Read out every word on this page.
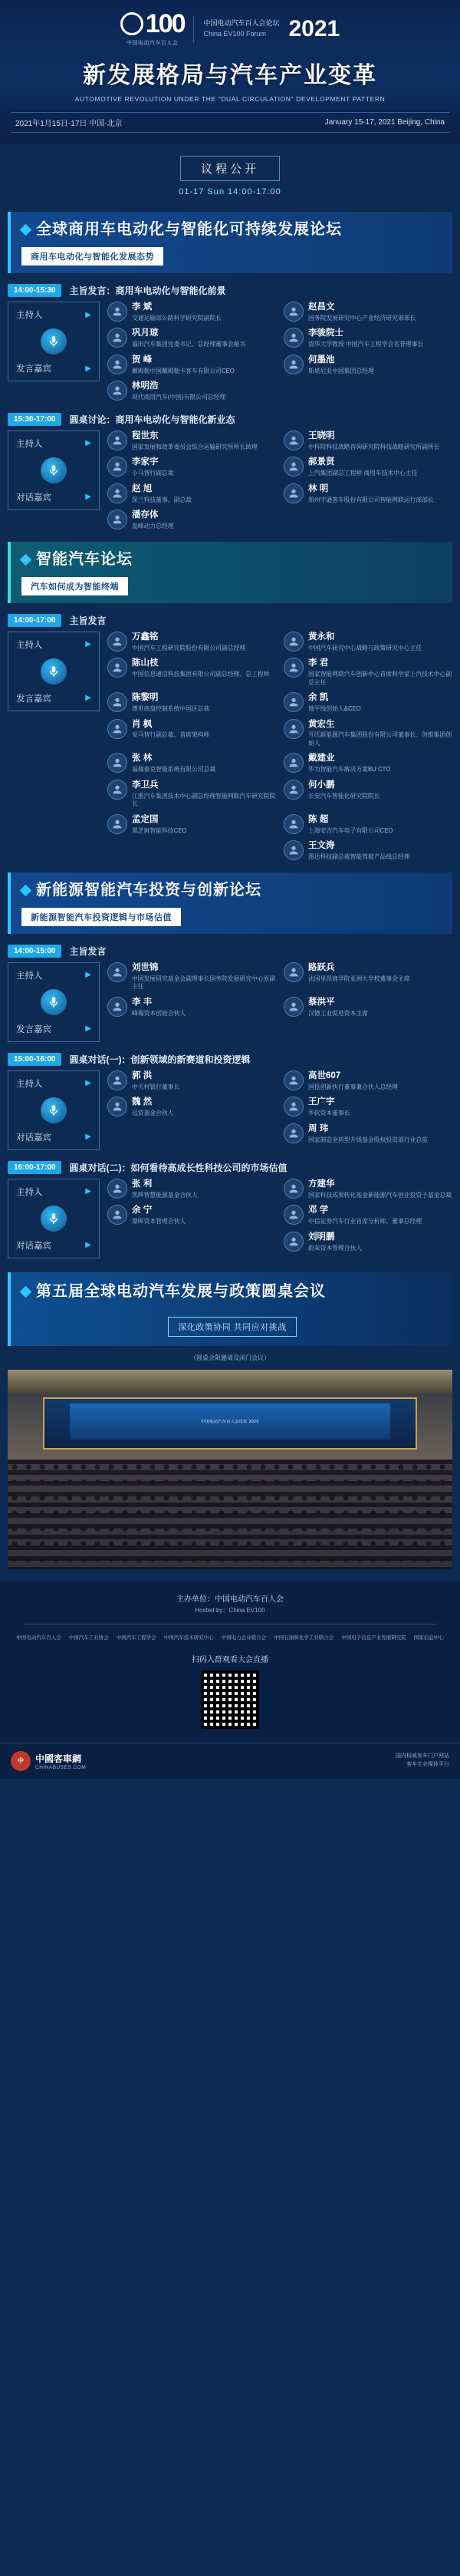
100
中国电动汽车百人会
中国电动汽车百人会论坛
China EV100 Forum 2021
新发展格局与汽车产业变革
AUTOMOTIVE REVOLUTION UNDER THE "DUAL CIRCULATION" DEVELOPMENT PATTERN
2021年1月15日-17日 中国·北京	January 15-17, 2021 Beijing, China
议程公开
01-17 Sun 14:00-17:00
全球商用车电动化与智能化可持续发展论坛
商用车电动化与智能化发展态势
14:00-15:30	主旨发言：商用车电动化与智能化前景
主持人	▶
发言嘉宾	▶
李 斌
交通运输部公路科学研究院副院长
赵昌文
国务院发展研究中心产业经济研究部部长
巩月琼
福田汽车集团党委书记、总经理董事会秘书
李骏院士
清华大学教授 中国汽车工程学会名誉理事长
贺 峰
戴姆勒中国戴姆勒卡客车有限公司CEO
何墨池
斯堪尼亚中国集团总经理
林明浩
现代商用汽车(中国)有限公司总经理
15:30-17:00	圆桌讨论：商用车电动化与智能化新业态
主持人	▶
对话嘉宾	▶
程世东
国家发展和改革委员会综合运输研究所所长助理
王晓明
中科院科技战略咨询研究院科技战略研究所副所长
李家宇
小马智行副总裁
郝景贤
上汽集团副总工程师 商用车技术中心主任
赵 旭
深兰科技董事、副总裁
林 明
郑州宇通客车股份有限公司智能网联运行部部长
潘存体
盈峰动力总经理
智能汽车论坛
汽车如何成为智能终端
14:00-17:00	主旨发言
主持人	▶
发言嘉宾	▶
万鑫铭
中国汽车工程研究院股份有限公司副总经理
黄永和
中国汽车研究中心战略与政策研究中心主任
陈山枝
中国信息通信科技集团有限公司副总经理、总工程师
李 君
国家智能网联汽车创新中心首席科学家上汽技术中心副总主任
陈黎明
博世底盘控制系统中国区总裁
余 凯
地平线创始人&CEO
肖 枫
觉马智行副总裁、首席架构师
黄宏生
开沃新能源汽车集团股份有限公司董事长、创维集团创始人
张 林
福瑞泰克智能系统有限公司总裁
戴建业
华为智能汽车解决方案BU CTO
李卫兵
江淮汽车集团技术中心副总经理智能网联汽车研究院院长
何小鹏
长安汽车智能化研究院院长
孟定国
黑芝麻智能科技CEO
陈 超
上海安吉汽车电子有限公司CEO
王文涛
图达科技副总裁智能驾驶产品线总经理
新能源智能汽车投资与创新论坛
新能源智能汽车投资逻辑与市场估值
14:00-15:00	主旨发言
主持人	▶
发言嘉宾	▶
刘世锦
中国发展研究基金会副理事长国务院发展研究中心原副主任
路跃兵
法国里昂商学院亚洲大学校董事会主席
李 丰
峰瑞资本创始合伙人
蔡洪平
汉德工业促进资本主席
15:00-16:00	圆桌对话(一)：创新领域的新赛道和投资逻辑
主持人	▶
对话嘉宾	▶
郭 洪
中关村银行董事长
高世607
国投创新执行董事兼合伙人总经理
魏 然
远资基金合伙人
王广宇
华软资本董事长
周 玮
国家制造业转型升级基金股权投资部行业总监
16:00-17:00	圆桌对话(二)：如何看待高成长性科技公司的市场估值
主持人	▶
对话嘉宾	▶
张 利
凯辉智慧能源基金合伙人
方建华
国家科技成果转化基金新能源汽车创业投资子基金总裁
余 宁
鼎晖资本管理合伙人
邓 学
中信证券汽车行业首席分析师、董事总经理
刘明鹏
蔚来资本管理合伙人
第五届全球电动汽车发展与政策圆桌会议
深化政策协同 共同应对挑战
（圆桌会限邀请及闭门会议）
中国电动汽车百人会论坛 2020
主办单位：中国电动汽车百人会
Hosted by：China EV100
中国电动汽车百人会 中国汽车工业协会 中国汽车工程学会 中国汽车技术研究中心 中国电力企业联合会 中国石油和化学工业联合会 中国电子信息产业发展研究院 国家信息中心
扫码入群观看大会直播
中	中國客車網
CHINABUSES.COM
国内权威客车门户网站
客车专业媒体平台
